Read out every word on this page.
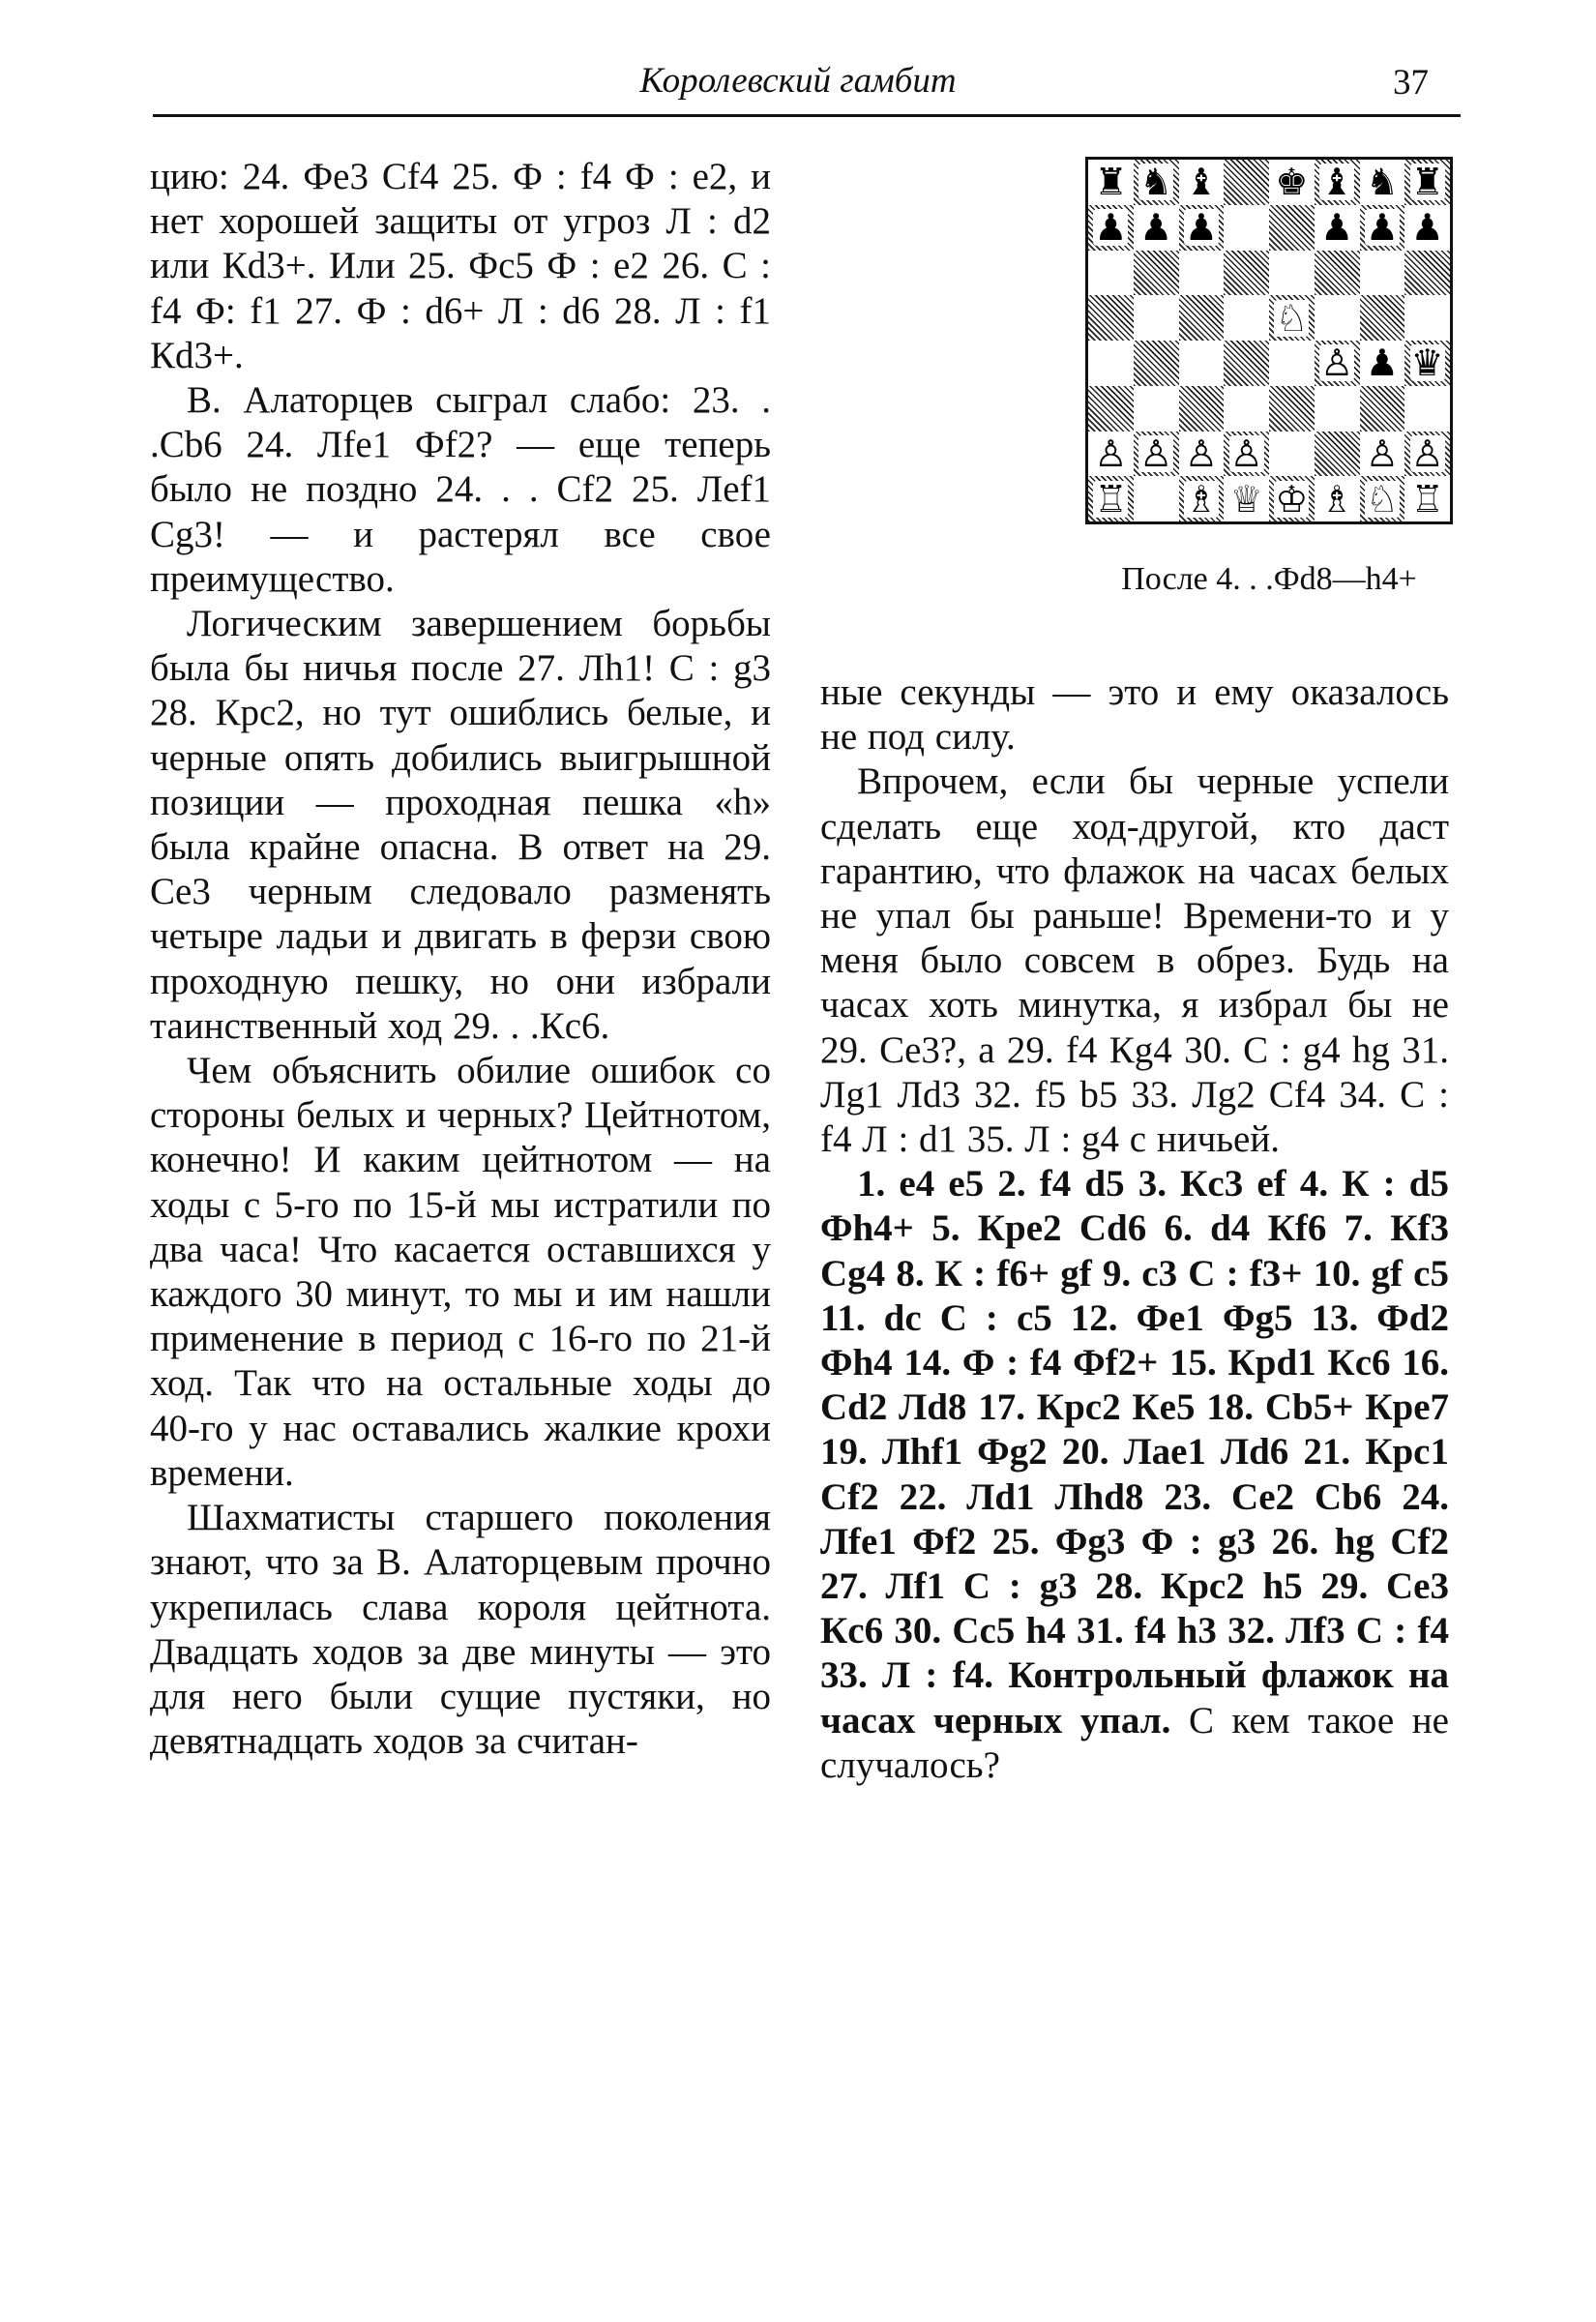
Королевский гамбит	37

цию: 24. Фe3 Cf4 25. Ф : f4 Ф : e2, и нет хорошей защиты от угроз Л : d2 или Кd3+. Или 25. Фc5 Ф : e2 26. С : f4 Ф: f1 27. Ф : d6+ Л : d6 28. Л : f1 Кd3+.

В. Алаторцев сыграл слабо: 23. . .Сb6 24. Лfe1 Фf2? — еще теперь было не поздно 24. . . Cf2 25. Лef1 Cg3! — и растерял все свое преимущество.

Логическим завершением борьбы была бы ничья после 27. Лh1! С : g3 28. Крc2, но тут ошиблись белые, и черные опять добились выигрышной позиции — проходная пешка «h» была крайне опасна. В ответ на 29. Сe3 черным следовало разменять четыре ладьи и двигать в ферзи свою проходную пешку, но они избрали таинственный ход 29. . .Кc6.

Чем объяснить обилие ошибок со стороны белых и черных? Цейтнотом, конечно! И каким цейтнотом — на ходы с 5-го по 15-й мы истратили по два часа! Что касается оставшихся у каждого 30 минут, то мы и им нашли применение в период с 16-го по 21-й ход. Так что на остальные ходы до 40-го у нас оставались жалкие крохи времени.

Шахматисты старшего поколения знают, что за В. Алаторцевым прочно укрепилась слава короля цейтнота. Двадцать ходов за две минуты — это для него были сущие пустяки, но девятнадцать ходов за считан-

♜ ♞ ♝ ♚ ♝ ♞ ♜
♟ ♟ ♟	♟ ♟ ♟
♘
♙ ♟ ♛
♙ ♙ ♙ ♙	♙ ♙
♖ ♗ ♕ ♔ ♗ ♘ ♖
После 4. . .Фd8—h4+

ные секунды — это и ему оказалось не под силу.

Впрочем, если бы черные успели сделать еще ход-другой, кто даст гарантию, что флажок на часах белых не упал бы раньше! Времени-то и у меня было совсем в обрез. Будь на часах хоть минутка, я избрал бы не 29. Сe3?, а 29. f4 Кg4 30. С : g4 hg 31. Лg1 Лd3 32. f5 b5 33. Лg2 Cf4 34. С : f4 Л : d1 35. Л : g4 с ничьей.

1. e4 e5 2. f4 d5 3. Кc3 ef 4. К : d5 Фh4+ 5. Крe2 Сd6 6. d4 Кf6 7. Кf3 Сg4 8. К : f6+ gf 9. c3 С : f3+ 10. gf c5 11. dc С : c5 12. Фe1 Фg5 13. Фd2 Фh4 14. Ф : f4 Фf2+ 15. Крd1 Кc6 16. Сd2 Лd8 17. Крc2 Кe5 18. Сb5+ Крe7 19. Лhf1 Фg2 20. Лae1 Лd6 21. Крc1 Cf2 22. Лd1 Лhd8 23. Сe2 Сb6 24. Лfe1 Фf2 25. Фg3 Ф : g3 26. hg Cf2 27. Лf1 С : g3 28. Крc2 h5 29. Сe3 Кc6 30. Сc5 h4 31. f4 h3 32. Лf3 С : f4 33. Л : f4. Контрольный флажок на часах черных упал. С кем такое не случалось?
